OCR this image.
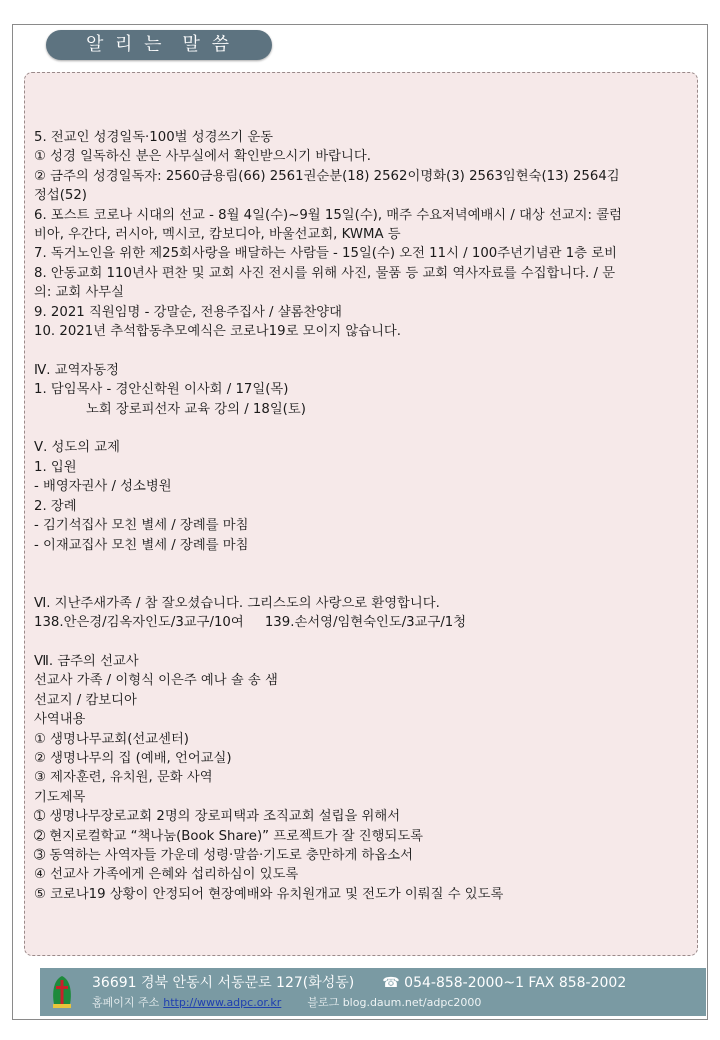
알 리 는 말 씀
5. 전교인 성경일독·100벌 성경쓰기 운동
① 성경 일독하신 분은 사무실에서 확인받으시기 바랍니다.
② 금주의 성경일독자: 2560금용림(66) 2561권순분(18) 2562이명화(3) 2563임현숙(13) 2564김
정섭(52)
6. 포스트 코로나 시대의 선교 - 8월 4일(수)~9월 15일(수), 매주 수요저녁예배시 / 대상 선교지: 콜럼
비아, 우간다, 러시아, 멕시코, 캄보디아, 바울선교회, KWMA 등
7. 독거노인을 위한 제25회사랑을 배달하는 사람들 - 15일(수) 오전 11시 / 100주년기념관 1층 로비
8. 안동교회 110년사 편찬 및 교회 사진 전시를 위해 사진, 물품 등 교회 역사자료를 수집합니다. / 문
의: 교회 사무실
9. 2021 직원임명 - 강말순, 전용주집사 / 샬롬찬양대
10. 2021년 추석합동추모예식은 코로나19로 모이지 않습니다.
Ⅳ. 교역자동정
1. 담임목사 - 경안신학원 이사회 / 17일(목)
노회 장로피선자 교육 강의 / 18일(토)
Ⅴ. 성도의 교제
1. 입원
- 배영자권사 / 성소병원
2. 장례
- 김기석집사 모친 별세 / 장례를 마침
- 이재교집사 모친 별세 / 장례를 마침
Ⅵ. 지난주새가족 / 참 잘오셨습니다. 그리스도의 사랑으로 환영합니다.
138.안은경/김옥자인도/3교구/10여     139.손서영/임현숙인도/3교구/1청
Ⅶ. 금주의 선교사
선교사 가족 / 이형식 이은주 예나 솔 송 샘
선교지 / 캄보디아
사역내용
① 생명나무교회(선교센터)
② 생명나무의 집 (예배, 언어교실)
③ 제자훈련, 유치원, 문화 사역
기도제목
➀ 생명나무장로교회 2명의 장로피택과 조직교회 설립을 위해서
➁ 현지로컬학교 “책나눔(Book Share)” 프로젝트가 잘 진행되도록
➂ 동역하는 사역자들 가운데 성령·말씀·기도로 충만하게 하옵소서
④ 선교사 가족에게 은혜와 섭리하심이 있도록
⑤ 코로나19 상황이 안정되어 현장예배와 유치원개교 및 전도가 이뤄질 수 있도록
36691 경북 안동시 서동문로 127(화성동) ☎ 054-858-2000~1 FAX 858-2002
홈페이지 주소 http://www.adpc.or.kr 블로그 blog.daum.net/adpc2000
